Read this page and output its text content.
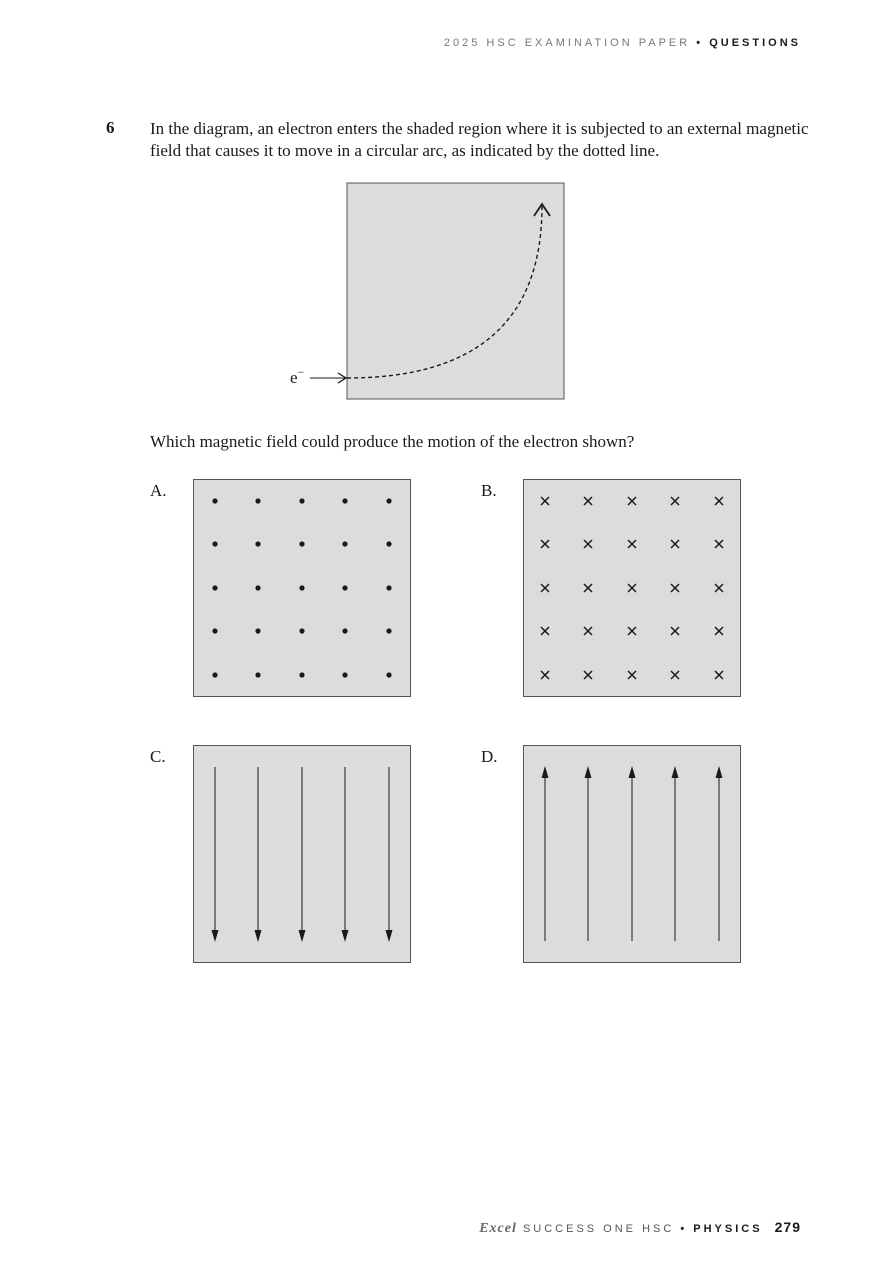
2025 HSC EXAMINATION PAPER • QUESTIONS
6 In the diagram, an electron enters the shaded region where it is subjected to an external magnetic field that causes it to move in a circular arc, as indicated by the dotted line.
e−
Which magnetic field could produce the motion of the electron shown?
A.	B.
C.	D.
Excel SUCCESS ONE HSC • PHYSICS 279
